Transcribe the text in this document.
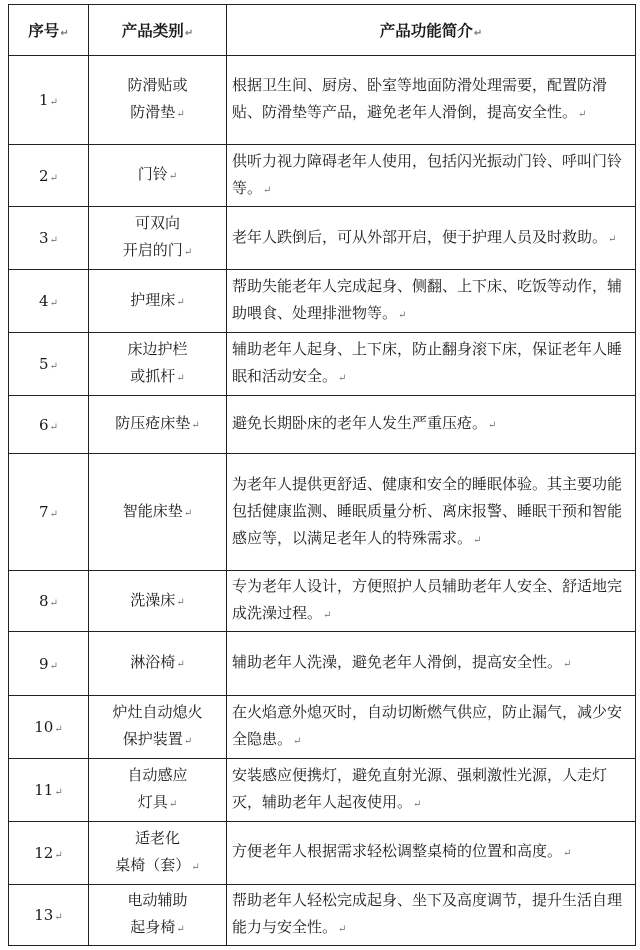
序号↵	产品类别↵	产品功能简介↵
1↵	防滑贴或
防滑垫↵	根据卫生间、厨房、卧室等地面防滑处理需要，配置防滑贴、防滑垫等产品，避免老年人滑倒，提高安全性。↵
2↵	门铃↵	供听力视力障碍老年人使用，包括闪光振动门铃、呼叫门铃等。↵
3↵	可双向
开启的门↵	老年人跌倒后，可从外部开启，便于护理人员及时救助。↵
4↵	护理床↵	帮助失能老年人完成起身、侧翻、上下床、吃饭等动作，辅助喂食、处理排泄物等。↵
5↵	床边护栏
或抓杆↵	辅助老年人起身、上下床，防止翻身滚下床，保证老年人睡眠和活动安全。↵
6↵	防压疮床垫↵	避免长期卧床的老年人发生严重压疮。↵
7↵	智能床垫↵	为老年人提供更舒适、健康和安全的睡眠体验。其主要功能包括健康监测、睡眠质量分析、离床报警、睡眠干预和智能感应等，以满足老年人的特殊需求。↵
8↵	洗澡床↵	专为老年人设计，方便照护人员辅助老年人安全、舒适地完成洗澡过程。↵
9↵	淋浴椅↵	辅助老年人洗澡，避免老年人滑倒，提高安全性。↵
10↵	炉灶自动熄火
保护装置↵	在火焰意外熄灭时，自动切断燃气供应，防止漏气，减少安全隐患。↵
11↵	自动感应
灯具↵	安装感应便携灯，避免直射光源、强刺激性光源，人走灯灭，辅助老年人起夜使用。↵
12↵	适老化
桌椅（套）↵	方便老年人根据需求轻松调整桌椅的位置和高度。↵
13↵	电动辅助
起身椅↵	帮助老年人轻松完成起身、坐下及高度调节，提升生活自理能力与安全性。↵
